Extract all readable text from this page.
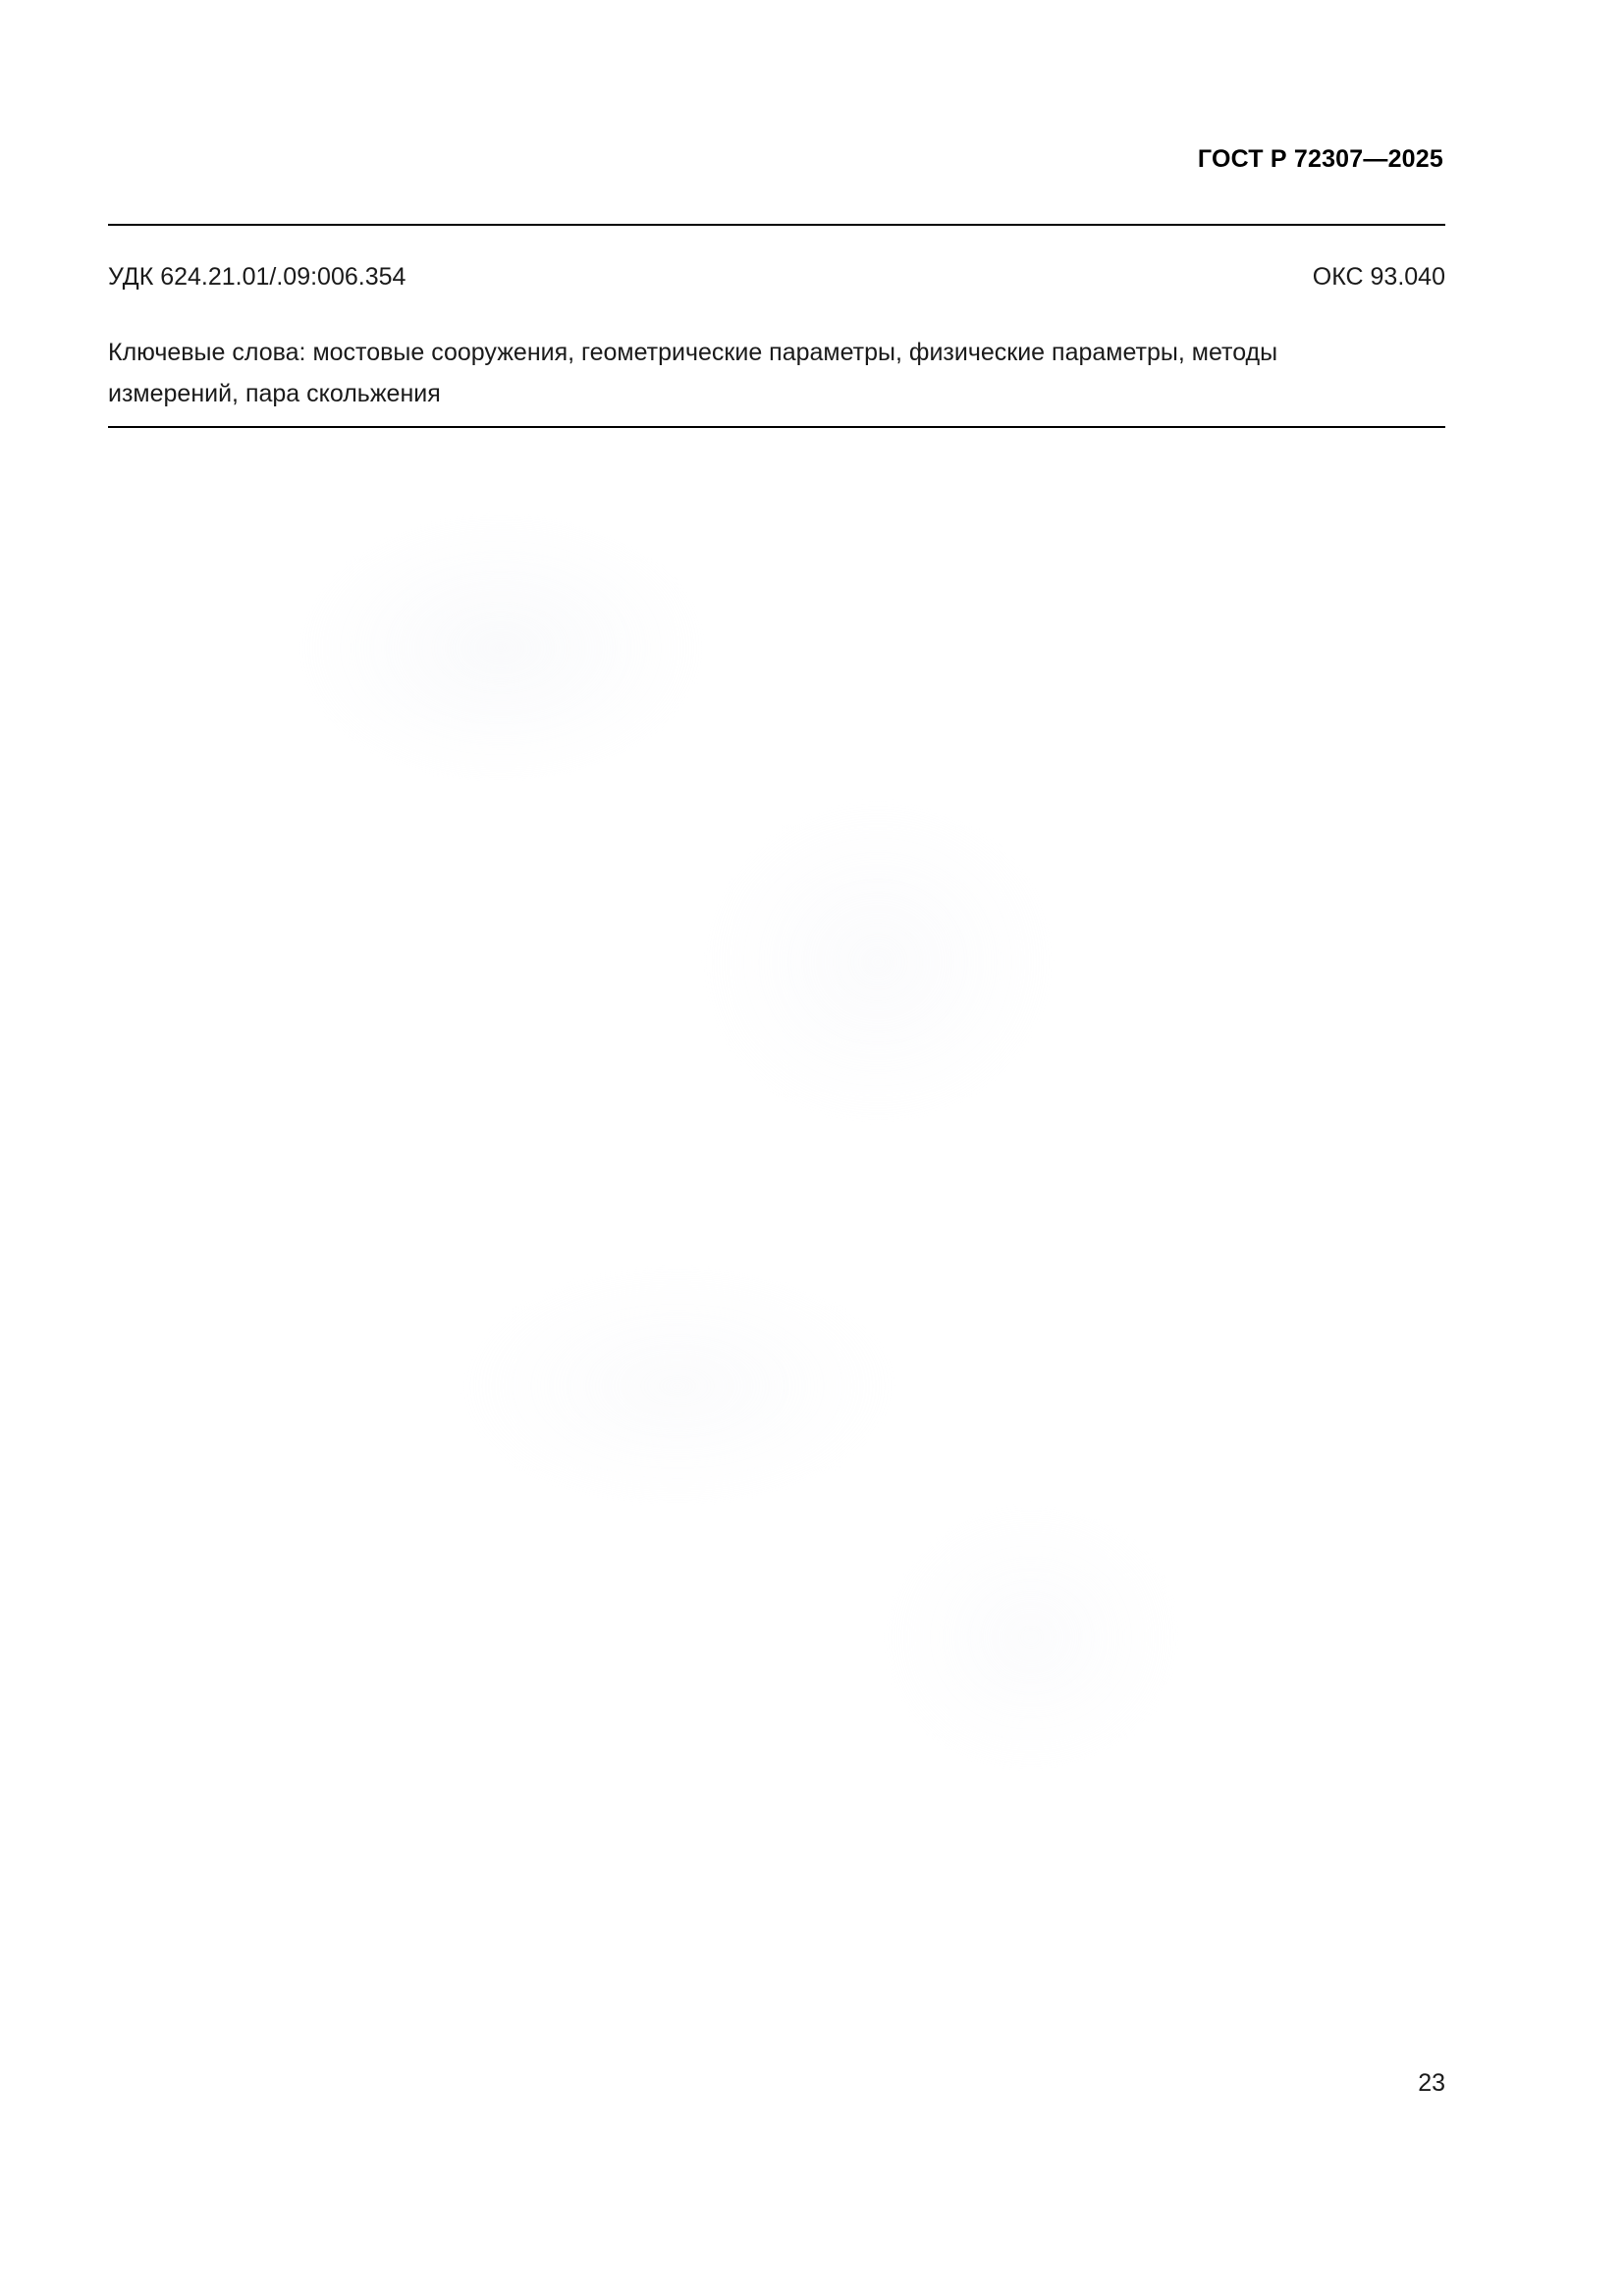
ГОСТ Р 72307—2025
УДК 624.21.01/.09:006.354	ОКС 93.040
Ключевые слова: мостовые сооружения, геометрические параметры, физические параметры, методы
измерений, пара скольжения
23
